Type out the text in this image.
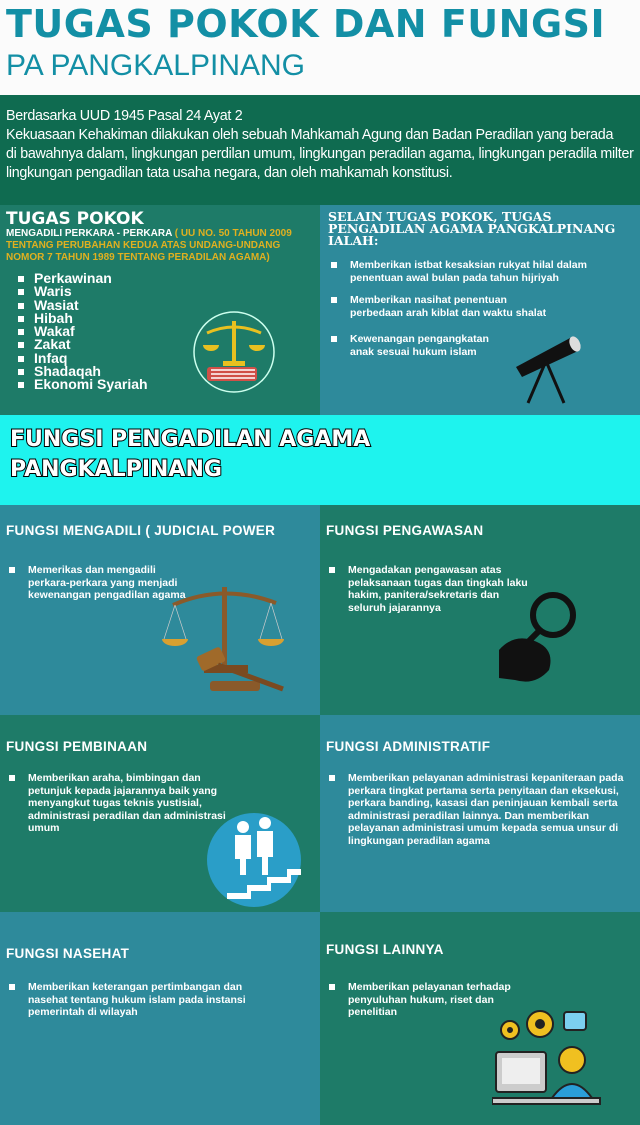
TUGAS POKOK DAN FUNGSI
PA PANGKALPINANG
Berdasarka UUD 1945 Pasal 24 Ayat 2
Kekuasaan Kehakiman dilakukan oleh sebuah Mahkamah Agung dan Badan Peradilan yang berada
di bawahnya dalam, lingkungan perdilan umum, lingkungan peradilan agama, lingkungan peradila milter
lingkungan pengadilan tata usaha negara, dan oleh mahkamah konstitusi.
TUGAS POKOK
MENGADILI PERKARA - PERKARA ( UU NO. 50 TAHUN 2009 TENTANG PERUBAHAN KEDUA ATAS UNDANG-UNDANG NOMOR 7 TAHUN 1989 TENTANG PERADILAN AGAMA)
Perkawinan
Waris
Wasiat
Hibah
Wakaf
Zakat
Infaq
Shadaqah
Ekonomi Syariah
SELAIN TUGAS POKOK, TUGAS PENGADILAN AGAMA PANGKALPINANG IALAH:
Memberikan istbat kesaksian rukyat hilal dalam penentuan awal bulan pada tahun hijriyah
Memberikan nasihat penentuan perbedaan arah kiblat dan waktu shalat
Kewenangan pengangkatan anak sesuai hukum islam
FUNGSI PENGADILAN AGAMA
PANGKALPINANG
FUNGSI MENGADILI ( JUDICIAL POWER
Memerikas dan mengadili perkara-perkara yang menjadi kewenangan pengadilan agama
FUNGSI PENGAWASAN
Mengadakan pengawasan atas pelaksanaan tugas dan tingkah laku hakim, panitera/sekretaris dan seluruh jajarannya
FUNGSI PEMBINAAN
Memberikan araha, bimbingan dan petunjuk kepada jajarannya baik yang menyangkut tugas teknis yustisial, administrasi peradilan dan administrasi umum
FUNGSI ADMINISTRATIF
Memberikan pelayanan administrasi kepaniteraan pada perkara tingkat pertama serta penyitaan dan eksekusi, perkara banding, kasasi dan peninjauan kembali serta administrasi peradilan lainnya. Dan memberikan pelayanan administrasi umum kepada semua unsur di lingkungan peradilan agama
FUNGSI NASEHAT
Memberikan keterangan pertimbangan dan nasehat tentang hukum islam pada instansi pemerintah di wilayah
FUNGSI LAINNYA
Memberikan pelayanan terhadap penyuluhan hukum, riset dan penelitian
